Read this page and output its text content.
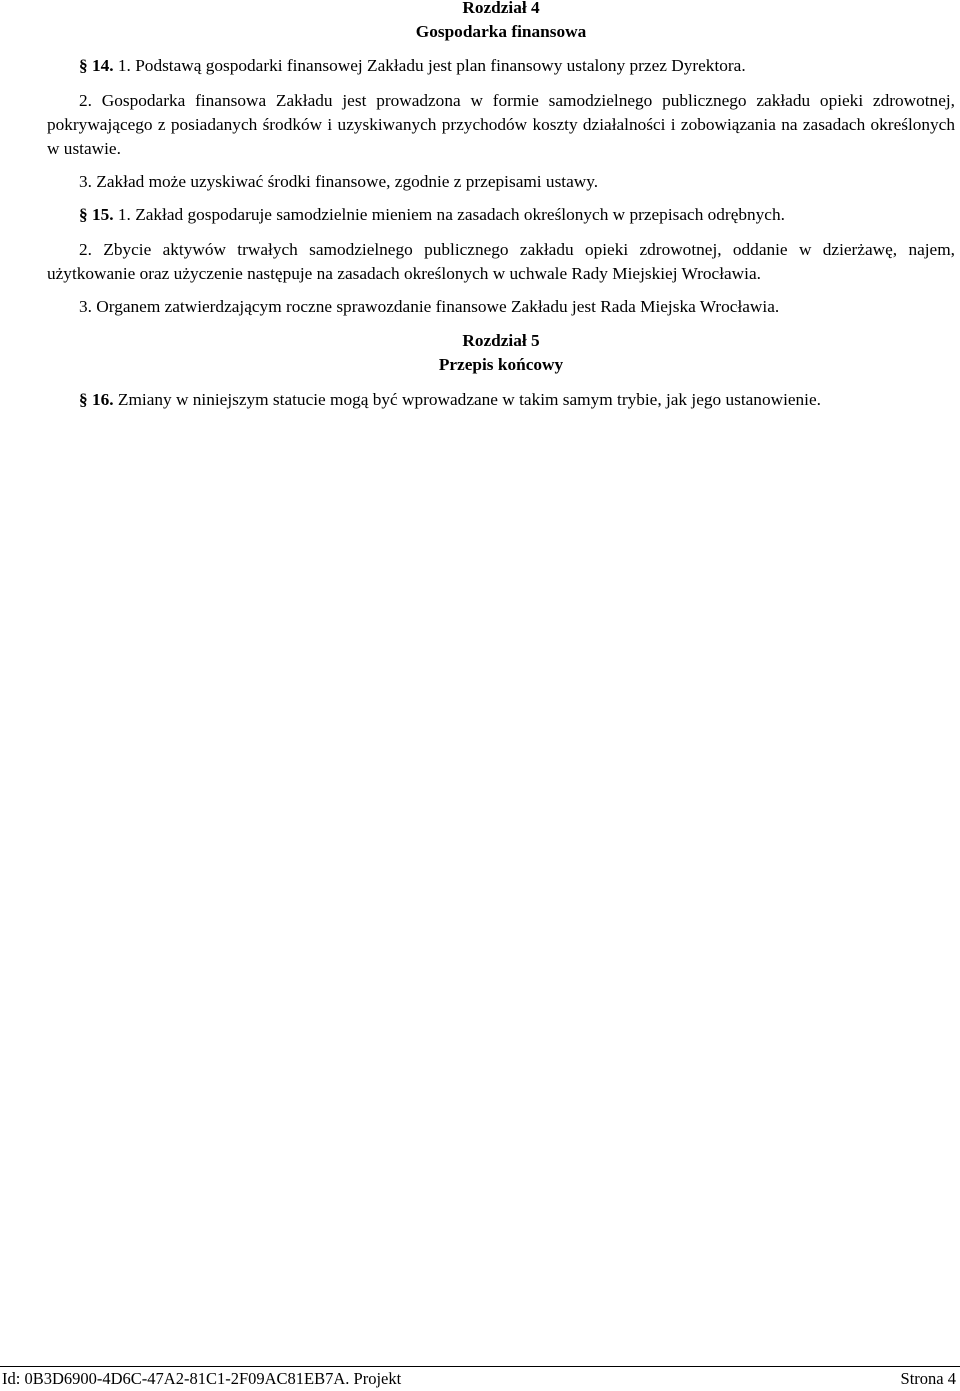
Rozdział 4
Gospodarka finansowa
§ 14. 1. Podstawą gospodarki finansowej Zakładu jest plan finansowy ustalony przez Dyrektora.
2. Gospodarka finansowa Zakładu jest prowadzona w formie samodzielnego publicznego zakładu opieki zdrowotnej, pokrywającego z posiadanych środków i uzyskiwanych przychodów koszty działalności i zobowiązania na zasadach określonych w ustawie.
3. Zakład może uzyskiwać środki finansowe, zgodnie z przepisami ustawy.
§ 15. 1. Zakład gospodaruje samodzielnie mieniem na zasadach określonych w przepisach odrębnych.
2. Zbycie aktywów trwałych samodzielnego publicznego zakładu opieki zdrowotnej, oddanie w dzierżawę, najem, użytkowanie oraz użyczenie następuje na zasadach określonych w uchwale Rady Miejskiej Wrocławia.
3. Organem zatwierdzającym roczne sprawozdanie finansowe Zakładu jest Rada Miejska Wrocławia.
Rozdział 5
Przepis końcowy
§ 16. Zmiany w niniejszym statucie mogą być wprowadzane w takim samym trybie, jak jego ustanowienie.
Id: 0B3D6900-4D6C-47A2-81C1-2F09AC81EB7A. Projekt	Strona 4
